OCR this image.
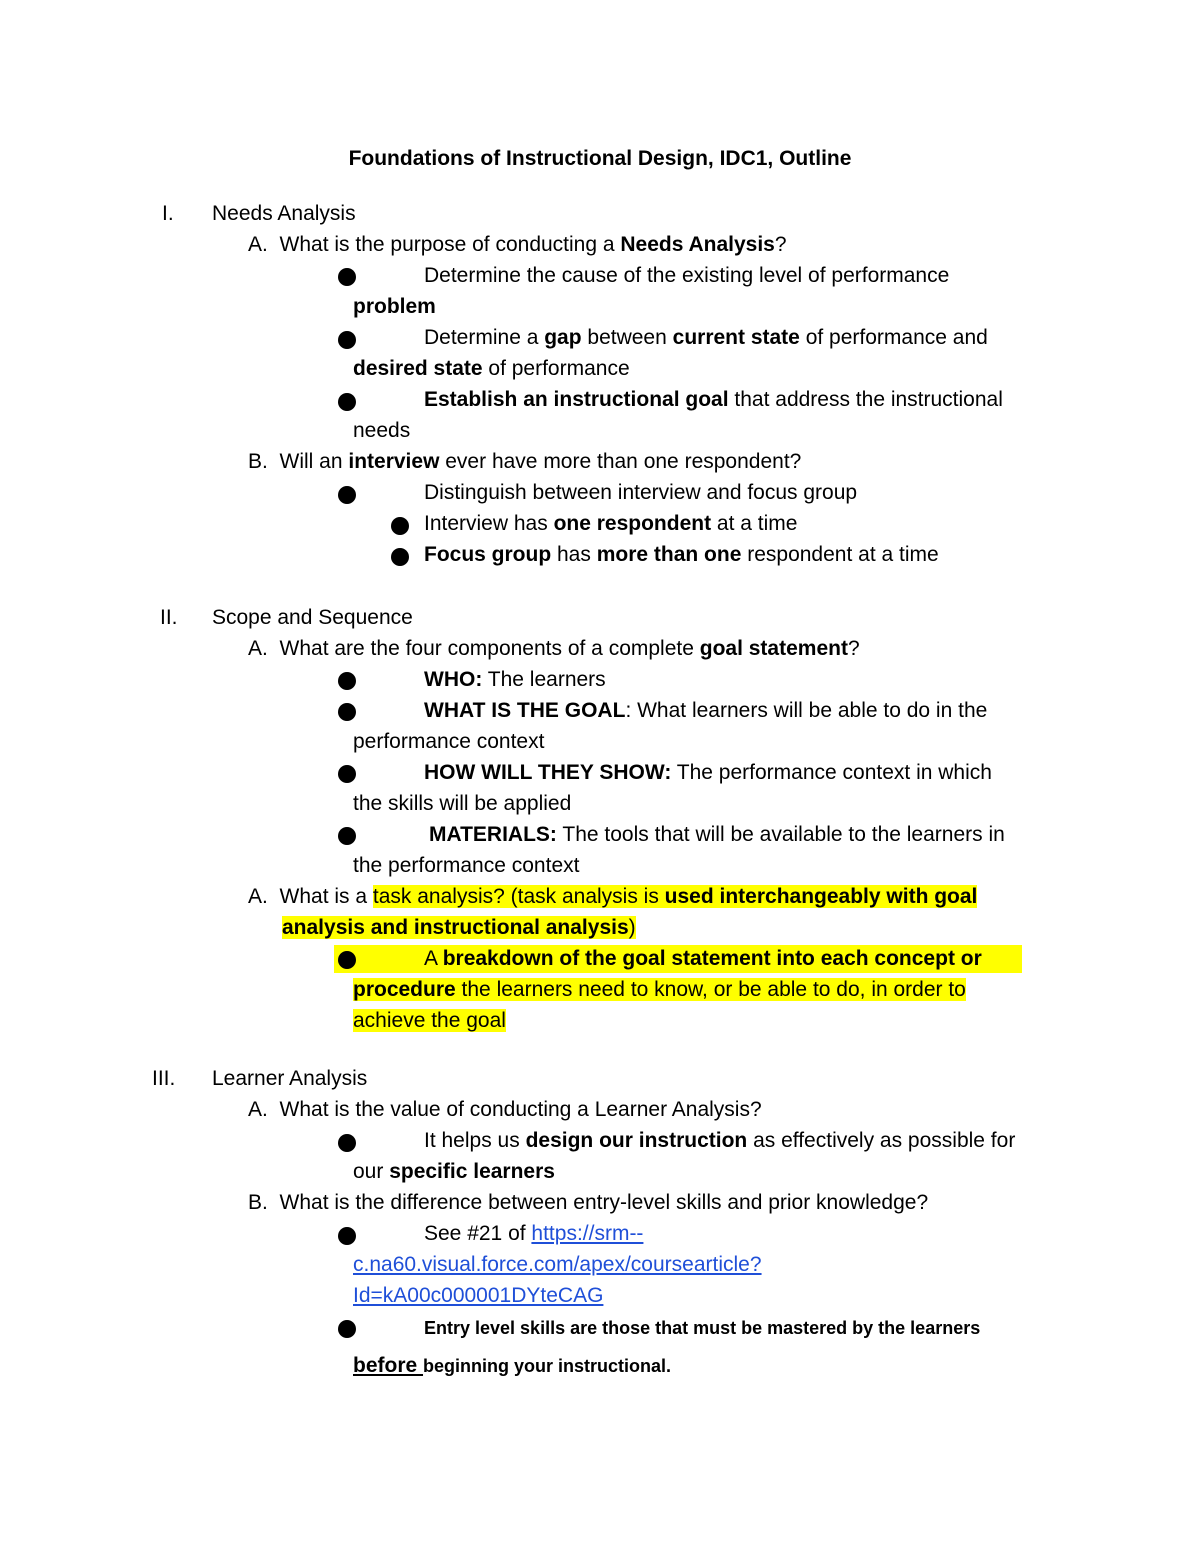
Foundations of Instructional Design, IDC1, Outline
I. Needs Analysis
A. What is the purpose of conducting a Needs Analysis?
Determine the cause of the existing level of performance
problem
Determine a gap between current state of performance and
desired state of performance
Establish an instructional goal that address the instructional
needs
B. Will an interview ever have more than one respondent?
Distinguish between interview and focus group
Interview has one respondent at a time
Focus group has more than one respondent at a time
II. Scope and Sequence
A. What are the four components of a complete goal statement?
WHO: The learners
WHAT IS THE GOAL: What learners will be able to do in the
performance context
HOW WILL THEY SHOW: The performance context in which
the skills will be applied
MATERIALS: The tools that will be available to the learners in
the performance context
A. What is a task analysis? (task analysis is used interchangeably with goal
analysis and instructional analysis)
A breakdown of the goal statement into each concept or
procedure the learners need to know, or be able to do, in order to
achieve the goal
III. Learner Analysis
A. What is the value of conducting a Learner Analysis?
It helps us design our instruction as effectively as possible for
our specific learners
B. What is the difference between entry-level skills and prior knowledge?
See #21 of https://srm--
c.na60.visual.force.com/apex/coursearticle?
Id=kA00c000001DYteCAG
Entry level skills are those that must be mastered by the learners
before beginning your instructional.
